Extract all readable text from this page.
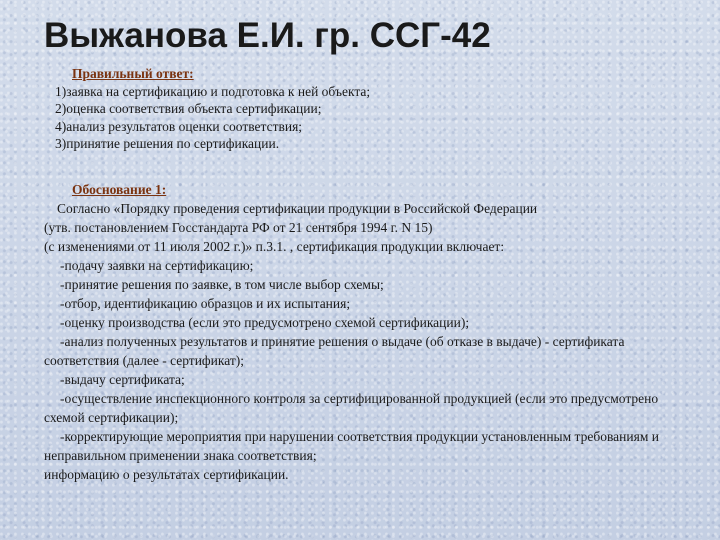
Выжанова Е.И. гр. ССГ-42
Правильный ответ:
1)заявка на сертификацию и подготовка к ней объекта;
2)оценка соответствия объекта сертификации;
4)анализ результатов оценки соответствия;
3)принятие решения по сертификации.
Обоснование 1:
Согласно «Порядку проведения сертификации продукции в Российской Федерации
(утв. постановлением Госстандарта РФ от 21 сентября 1994 г. N 15)
(с изменениями от 11 июля 2002 г.)» п.3.1. , сертификация продукции включает:
-подачу заявки на сертификацию;
-принятие решения по заявке, в том числе выбор схемы;
-отбор, идентификацию образцов и их испытания;
-оценку производства (если это предусмотрено схемой сертификации);
-анализ полученных результатов и принятие решения о выдаче (об отказе в выдаче) - сертификата соответствия (далее - сертификат);
-выдачу сертификата;
-осуществление инспекционного контроля за сертифицированной продукцией (если это предусмотрено схемой сертификации);
-корректирующие мероприятия при нарушении соответствия продукции установленным требованиям и неправильном применении знака соответствия;
информацию о результатах сертификации.
